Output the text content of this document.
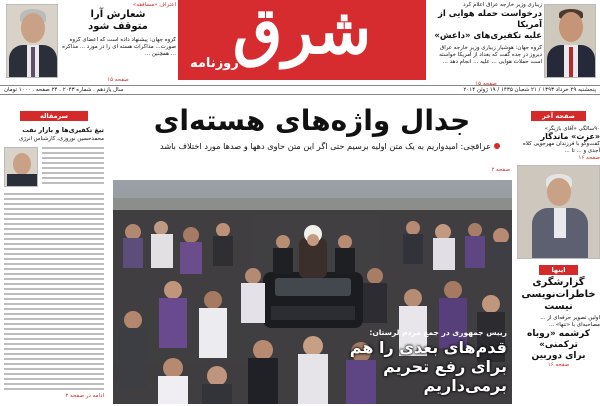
اعتراف «مسافقه»
شعارش آرا
متوقف شود
گروه جهان: پیشنهاد داده است که اعضای گروه صورت... مذاکرات هسته ای را در مورد ... مذاکره ... همچنین ...
صفحه ۱۵
شرق
روزنامه
زیباری وزیر خارجه عراق اعلام کرد
درخواست حمله هوایی از آمریکا
علیه تکفیری‌های «داعش»
گروه جهان: هوشیار زیباری وزیر خارجه عراق دیروز در جده گفت که بغداد از آمریکا خواسته است حملات هوایی ... علیه ... انجام دهد ...
صفحه ۱۵
پنجشنبه ۲۹ خرداد ۱۳۹۳ / ۲۱ شعبان ۱۴۳۵ / ۱۹ ژوئن ۲۰۱۴
سال یازدهم . شماره ۲۰۴۳ . ۲۴ صفحه . ۱۰۰۰ تومان
جدال واژه‌های هسته‌ای
عراقچی: امیدواریم به یک متن اولیه برسیم حتی اگر این متن حاوی دهها و صدها مورد اختلاف باشد
صفحه ۲
رییس جمهوری در جمع مردم لرستان:
قدم‌های بعدی را هم
برای رفع تحریم برمی‌داریم
سرمقاله
تیغ تکفیری‌ها و بازار نفت
محمدحسین نوروزی، کارشناس انرژی
ادامه در صفحه ۲
صفحه آخر
۹۰سالگی «آقای بازیگر»
«عزت» ماندگار
گفت‌وگو با فرزندان مهرجویی کلاه آجدی و ... تا ...
صفحه ۱۶
اینها
گزارشگری
خاطرات‌نویسی نیست
اولین تصویر حرفه‌ای از ... مصاحبه‌ای با «تنها» ...
کرشمه «روباه ترکمنی»
برای دوربین
صفحه ۱۶
